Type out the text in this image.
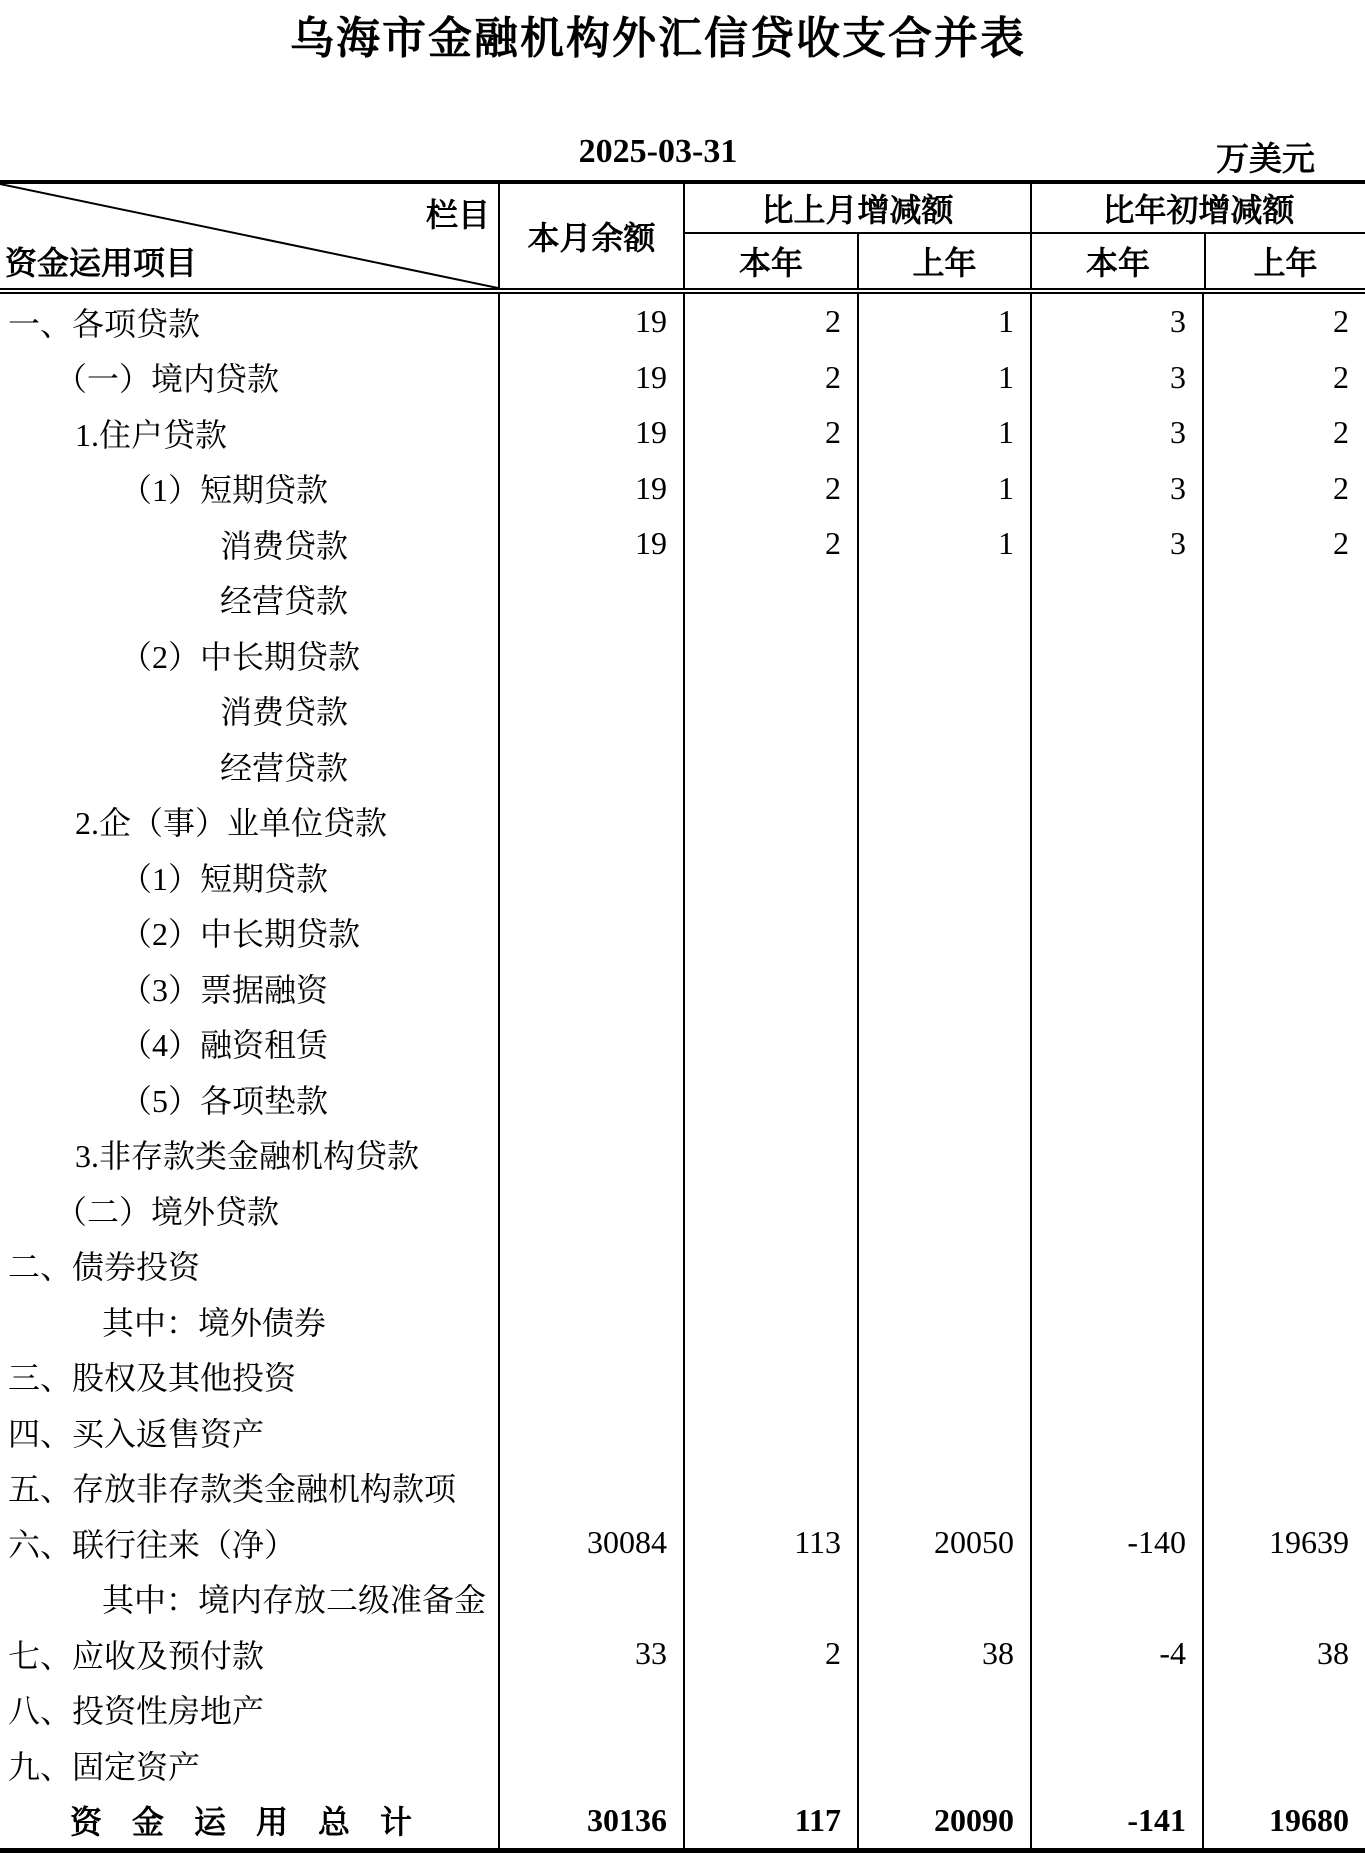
乌海市金融机构外汇信贷收支合并表
2025-03-31	万美元
栏目
资金运用项目
本月余额
比上月增减额
本年	上年
比年初增减额
本年	上年
一、各项贷款	19	2	1	3	2
（一）境内贷款	19	2	1	3	2
1.住户贷款	19	2	1	3	2
（1）短期贷款	19	2	1	3	2
消费贷款	19	2	1	3	2
经营贷款
（2）中长期贷款
消费贷款
经营贷款
2.企（事）业单位贷款
（1）短期贷款
（2）中长期贷款
（3）票据融资
（4）融资租赁
（5）各项垫款
3.非存款类金融机构贷款
（二）境外贷款
二、债券投资
其中：境外债券
三、股权及其他投资
四、买入返售资产
五、存放非存款类金融机构款项
六、联行往来（净）	30084	113	20050	-140	19639
其中：境内存放二级准备金
七、应收及预付款	33	2	38	-4	38
八、投资性房地产
九、固定资产
资金运用总计	30136	117	20090	-141	19680
